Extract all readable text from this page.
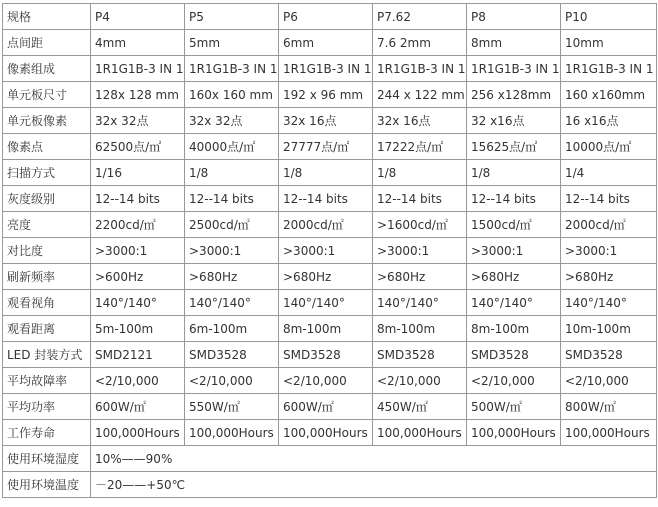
规格	P4	P5	P6	P7.62	P8	P10
点间距	4mm	5mm	6mm	7.6 2mm	8mm	10mm
像素组成	1R1G1B-3 IN 1	1R1G1B-3 IN 1	1R1G1B-3 IN 1	1R1G1B-3 IN 1	1R1G1B-3 IN 1	1R1G1B-3 IN 1
单元板尺寸	128x 128 mm	160x 160 mm	192 x 96 mm	244 x 122 mm	256 x128mm	160 x160mm
单元板像素	32x 32点	32x 32点	32x 16点	32x 16点	32 x16点	16 x16点
像素点	62500点/㎡	40000点/㎡	27777点/㎡	17222点/㎡	15625点/㎡	10000点/㎡
扫描方式	1/16	1/8	1/8	1/8	1/8	1/4
灰度级别	12--14 bits	12--14 bits	12--14 bits	12--14 bits	12--14 bits	12--14 bits
亮度	2200cd/㎡	2500cd/㎡	2000cd/㎡	>1600cd/㎡	1500cd/㎡	2000cd/㎡
对比度	>3000:1	>3000:1	>3000:1	>3000:1	>3000:1	>3000:1
刷新频率	>600Hz	>680Hz	>680Hz	>680Hz	>680Hz	>680Hz
观看视角	140°/140°	140°/140°	140°/140°	140°/140°	140°/140°	140°/140°
观看距离	5m-100m	6m-100m	8m-100m	8m-100m	8m-100m	10m-100m
LED 封装方式	SMD2121	SMD3528	SMD3528	SMD3528	SMD3528	SMD3528
平均故障率	<2/10,000	<2/10,000	<2/10,000	<2/10,000	<2/10,000	<2/10,000
平均功率	600W/㎡	550W/㎡	600W/㎡	450W/㎡	500W/㎡	800W/㎡
工作寿命	100,000Hours	100,000Hours	100,000Hours	100,000Hours	100,000Hours	100,000Hours
使用环境湿度	10%——90%					
使用环境温度	－20——+50℃					
